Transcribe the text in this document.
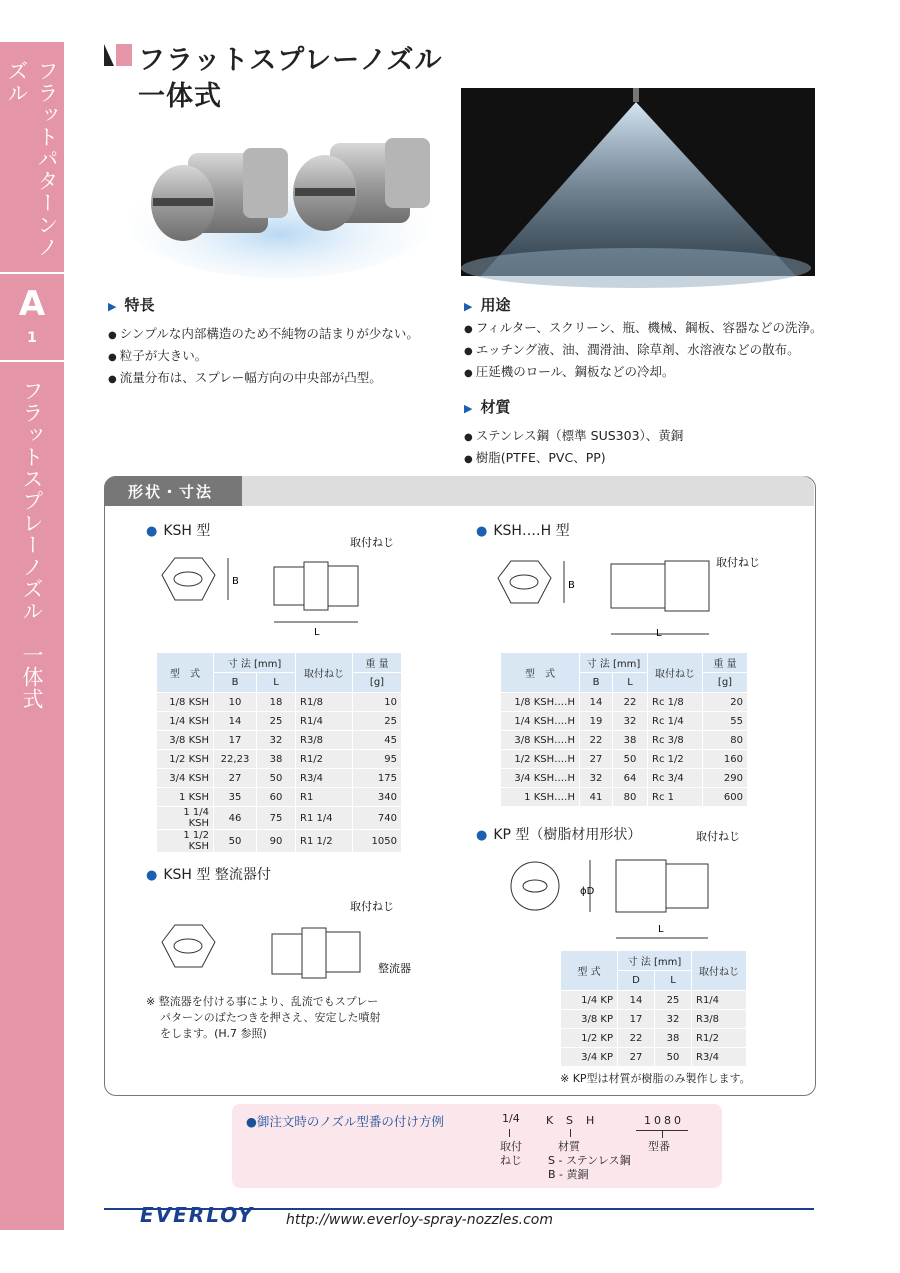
フラットパターンノズル
A
1
フラットスプレーノズル　一体式
フラットスプレーノズル
一体式
▶ 特長
● シンプルな内部構造のため不純物の詰まりが少ない。
● 粒子が大きい。
● 流量分布は、スプレー幅方向の中央部が凸型。
▶ 用途
● フィルター、スクリーン、瓶、機械、鋼板、容器などの洗浄。
● エッチング液、油、潤滑油、除草剤、水溶液などの散布。
● 圧延機のロール、鋼板などの冷却。
▶ 材質
● ステンレス鋼（標準 SUS303）、黄銅
● 樹脂(PTFE、PVC、PP)
形状・寸法
● KSH 型
B
L
取付ねじ
型　式	寸 法 [mm]		取付ねじ	重 量
	B	L		[g]
1/8 KSH	10	18	R1/8	10
1/4 KSH	14	25	R1/4	25
3/8 KSH	17	32	R3/8	45
1/2 KSH	22,23	38	R1/2	95
3/4 KSH	27	50	R3/4	175
1 KSH	35	60	R1	340
1 1/4 KSH	46	75	R1 1/4	740
1 1/2 KSH	50	90	R1 1/2	1050
● KSH‥‥H 型
B
L
取付ねじ
型　式	寸 法 [mm]		取付ねじ	重 量
	B	L		[g]
1/8 KSH‥‥H	14	22	Rc 1/8	20
1/4 KSH‥‥H	19	32	Rc 1/4	55
3/8 KSH‥‥H	22	38	Rc 3/8	80
1/2 KSH‥‥H	27	50	Rc 1/2	160
3/4 KSH‥‥H	32	64	Rc 3/4	290
1 KSH‥‥H	41	80	Rc 1	600
● KSH 型 整流器付
取付ねじ
整流器
※ 整流器を付ける事により、乱流でもスプレー
パターンのばたつきを押さえ、安定した噴射
をします。(H.7 参照)
● KP 型（樹脂材用形状）
ϕD
L
取付ねじ
型 式	寸 法 [mm]		取付ねじ
	D	L	
1/4 KP	14	25	R1/4
3/8 KP	17	32	R3/8
1/2 KP	22	38	R1/2
3/4 KP	27	50	R3/4
※ KP型は材質が樹脂のみ製作します。
●御注文時のノズル型番の付け方例	1/4 K S H	1080
取付
ねじ
材質
S - ステンレス鋼
B - 黄銅
型番
EVERLOY http://www.everloy-spray-nozzles.com
